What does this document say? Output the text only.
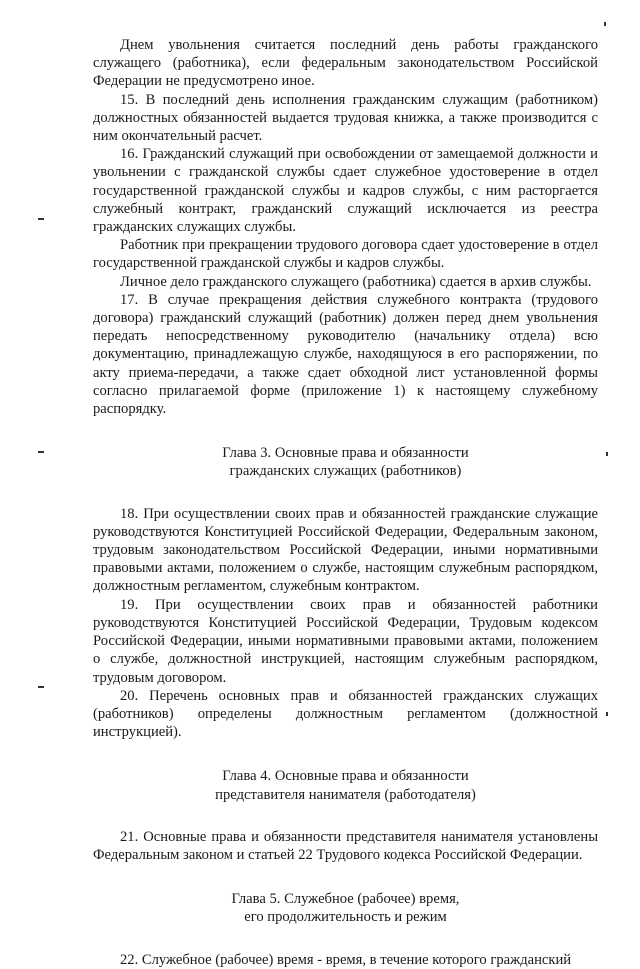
Днем увольнения считается последний день работы гражданского служащего (работника), если федеральным законодательством Российской Федерации не предусмотрено иное.

15. В последний день исполнения гражданским служащим (работником) должностных обязанностей выдается трудовая книжка, а также производится с ним окончательный расчет.

16. Гражданский служащий при освобождении от замещаемой должности и увольнении с гражданской службы сдает служебное удостоверение в отдел государственной гражданской службы и кадров службы, с ним расторгается служебный контракт, гражданский служащий исключается из реестра гражданских служащих службы.

Работник при прекращении трудового договора сдает удостоверение в отдел государственной гражданской службы и кадров службы.

Личное дело гражданского служащего (работника) сдается в архив службы.

17. В случае прекращения действия служебного контракта (трудового договора) гражданский служащий (работник) должен перед днем увольнения передать непосредственному руководителю (начальнику отдела) всю документацию, принадлежащую службе, находящуюся в его распоряжении, по акту приема-передачи, а также сдает обходной лист установленной формы согласно прилагаемой форме (приложение 1) к настоящему служебному распорядку.

Глава 3. Основные права и обязанности
гражданских служащих (работников)

18. При осуществлении своих прав и обязанностей гражданские служащие руководствуются Конституцией Российской Федерации, Федеральным законом, трудовым законодательством Российской Федерации, иными нормативными правовыми актами, положением о службе, настоящим служебным распорядком, должностным регламентом, служебным контрактом.

19. При осуществлении своих прав и обязанностей работники руководствуются Конституцией Российской Федерации, Трудовым кодексом Российской Федерации, иными нормативными правовыми актами, положением о службе, должностной инструкцией, настоящим служебным распорядком, трудовым договором.

20. Перечень основных прав и обязанностей гражданских служащих (работников) определены должностным регламентом (должностной инструкцией).

Глава 4. Основные права и обязанности
представителя нанимателя (работодателя)

21. Основные права и обязанности представителя нанимателя установлены Федеральным законом и статьей 22 Трудового кодекса Российской Федерации.

Глава 5. Служебное (рабочее) время,
его продолжительность и режим

22. Служебное (рабочее) время - время, в течение которого гражданский
